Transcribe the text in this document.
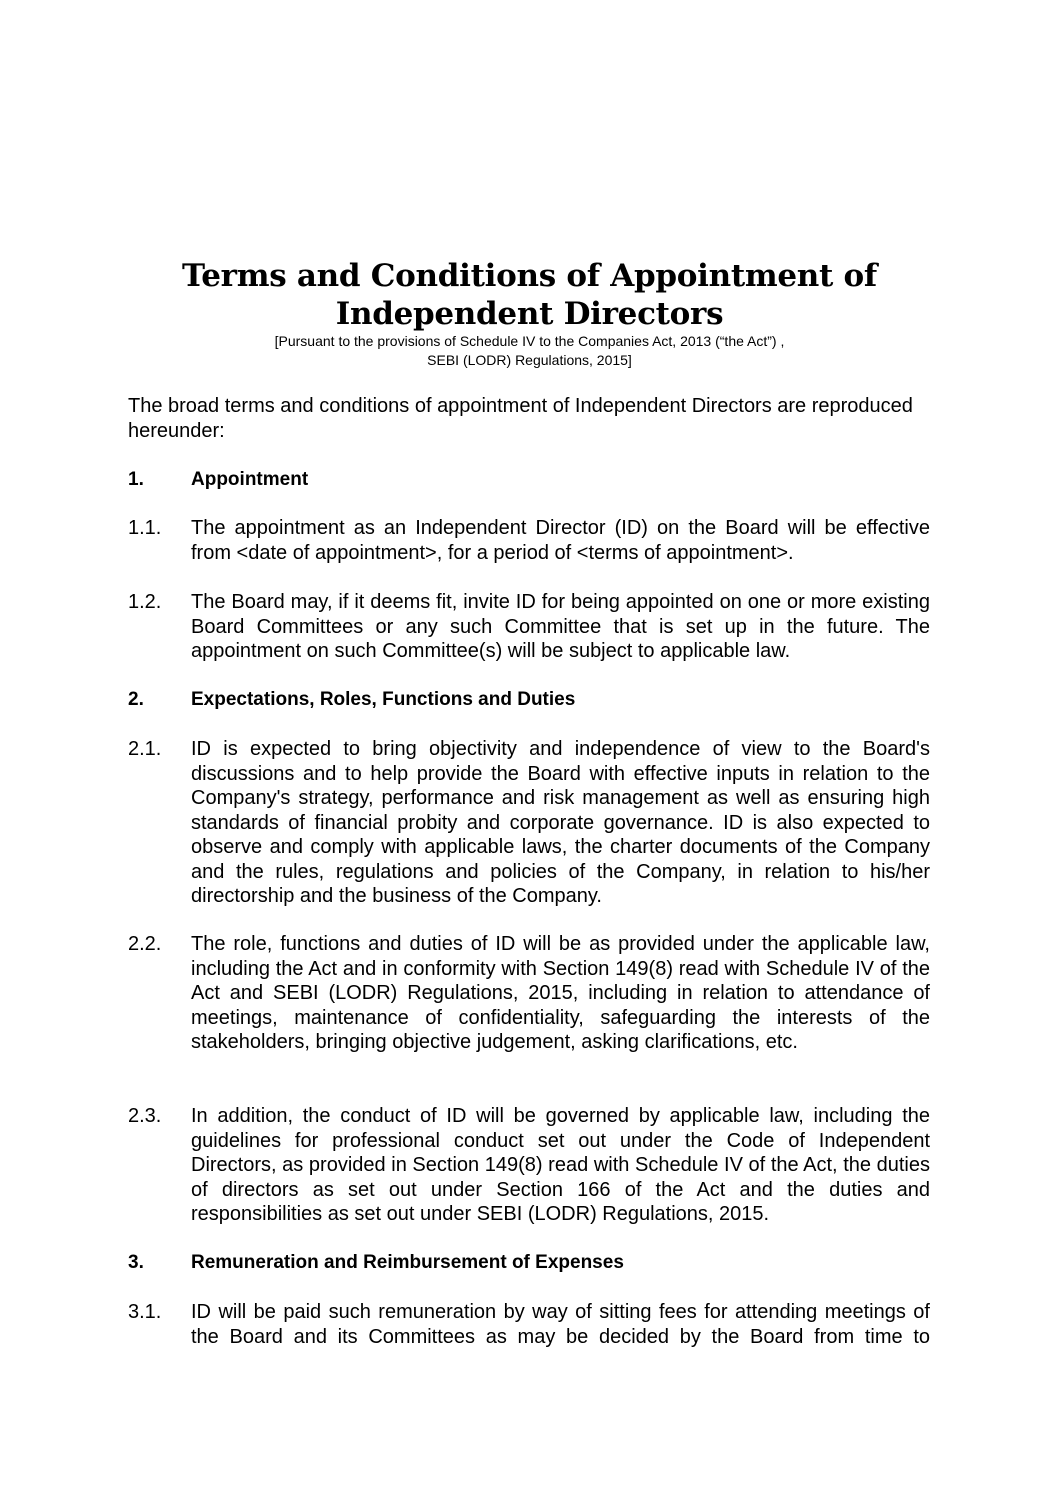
Terms and Conditions of Appointment of
Independent Directors
[Pursuant to the provisions of Schedule IV to the Companies Act, 2013 (“the Act”) ,
SEBI (LODR) Regulations, 2015]
The broad terms and conditions of appointment of Independent Directors are reproduced hereunder:
1. Appointment
1.1. The appointment as an Independent Director (ID) on the Board will be effective from <date of appointment>, for a period of <terms of appointment>.
1.2. The Board may, if it deems fit, invite ID for being appointed on one or more existing Board Committees or any such Committee that is set up in the future. The appointment on such Committee(s) will be subject to applicable law.
2. Expectations, Roles, Functions and Duties
2.1. ID is expected to bring objectivity and independence of view to the Board's discussions and to help provide the Board with effective inputs in relation to the Company's strategy, performance and risk management as well as ensuring high standards of financial probity and corporate governance. ID is also expected to observe and comply with applicable laws, the charter documents of the Company and the rules, regulations and policies of the Company, in relation to his/her directorship and the business of the Company.
2.2. The role, functions and duties of ID will be as provided under the applicable law, including the Act and in conformity with Section 149(8) read with Schedule IV of the Act and SEBI (LODR) Regulations, 2015, including in relation to attendance of meetings, maintenance of confidentiality, safeguarding the interests of the stakeholders, bringing objective judgement, asking clarifications, etc.
2.3. In addition, the conduct of ID will be governed by applicable law, including the guidelines for professional conduct set out under the Code of Independent Directors, as provided in Section 149(8) read with Schedule IV of the Act, the duties of directors as set out under Section 166 of the Act and the duties and responsibilities as set out under SEBI (LODR) Regulations, 2015.
3. Remuneration and Reimbursement of Expenses
3.1. ID will be paid such remuneration by way of sitting fees for attending meetings of the Board and its Committees as may be decided by the Board from time to
